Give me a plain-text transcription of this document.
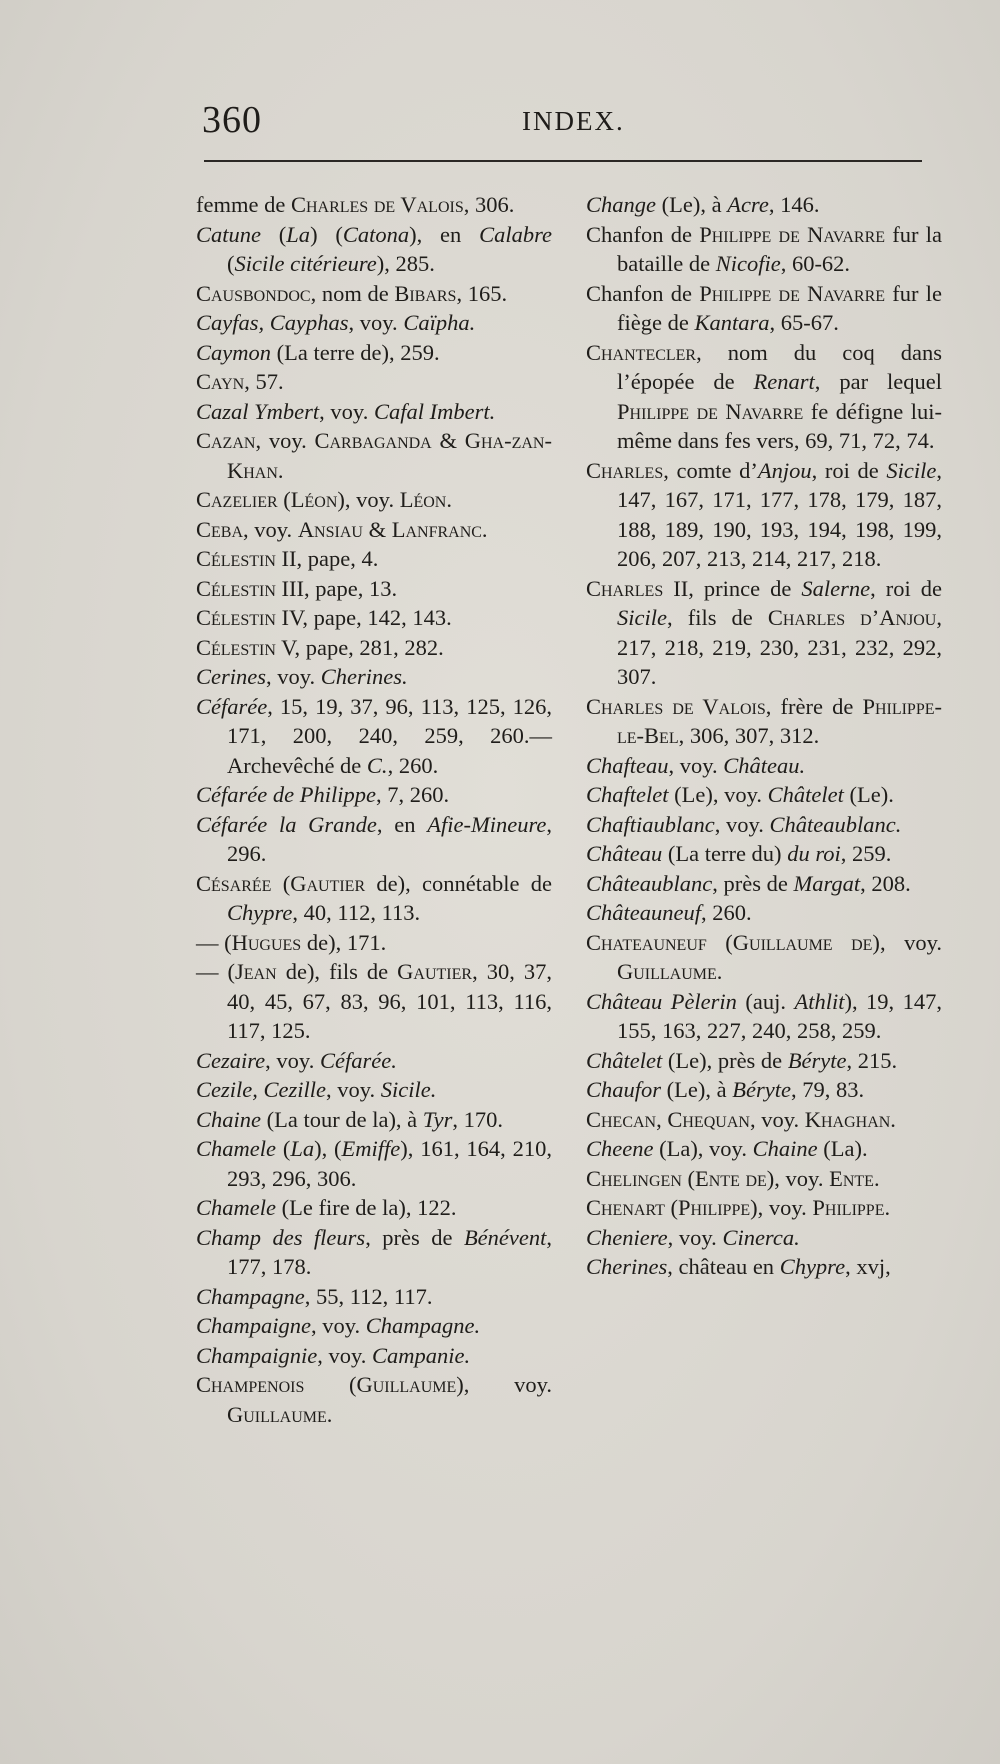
360	INDEX.

femme de Charles de Valois, 306.

Catune (La) (Catona), en Calabre (Sicile citérieure), 285.

Causbondoc, nom de Bibars, 165.

Cayfas, Cayphas, voy. Caïpha.

Caymon (La terre de), 259.

Cayn, 57.

Cazal Ymbert, voy. Cafal Imbert.

Cazan, voy. Carbaganda & Gha-zan-Khan.

Cazelier (Léon), voy. Léon.

Ceba, voy. Ansiau & Lanfranc.

Célestin II, pape, 4.

Célestin III, pape, 13.

Célestin IV, pape, 142, 143.

Célestin V, pape, 281, 282.

Cerines, voy. Cherines.

Céfarée, 15, 19, 37, 96, 113, 125, 126, 171, 200, 240, 259, 260.— Archevêché de C., 260.

Céfarée de Philippe, 7, 260.

Céfarée la Grande, en Afie-Mineure, 296.

Césarée (Gautier de), connétable de Chypre, 40, 112, 113.

— (Hugues de), 171.

— (Jean de), fils de Gautier, 30, 37, 40, 45, 67, 83, 96, 101, 113, 116, 117, 125.

Cezaire, voy. Céfarée.

Cezile, Cezille, voy. Sicile.

Chaine (La tour de la), à Tyr, 170.

Chamele (La), (Emiffe), 161, 164, 210, 293, 296, 306.

Chamele (Le fire de la), 122.

Champ des fleurs, près de Bénévent, 177, 178.

Champagne, 55, 112, 117.

Champaigne, voy. Champagne.

Champaignie, voy. Campanie.

Champenois (Guillaume), voy. Guillaume.

Change (Le), à Acre, 146.

Chanfon de Philippe de Navarre fur la bataille de Nicofie, 60-62.

Chanfon de Philippe de Navarre fur le fiège de Kantara, 65-67.

Chantecler, nom du coq dans l’épopée de Renart, par lequel Philippe de Navarre fe défigne lui-même dans fes vers, 69, 71, 72, 74.

Charles, comte d’Anjou, roi de Sicile, 147, 167, 171, 177, 178, 179, 187, 188, 189, 190, 193, 194, 198, 199, 206, 207, 213, 214, 217, 218.

Charles II, prince de Salerne, roi de Sicile, fils de Charles d’Anjou, 217, 218, 219, 230, 231, 232, 292, 307.

Charles de Valois, frère de Philippe-le-Bel, 306, 307, 312.

Chafteau, voy. Château.

Chaftelet (Le), voy. Châtelet (Le).

Chaftiaublanc, voy. Châteaublanc.

Château (La terre du) du roi, 259.

Châteaublanc, près de Margat, 208.

Châteauneuf, 260.

Chateauneuf (Guillaume de), voy. Guillaume.

Château Pèlerin (auj. Athlit), 19, 147, 155, 163, 227, 240, 258, 259.

Châtelet (Le), près de Béryte, 215.

Chaufor (Le), à Béryte, 79, 83.

Checan, Chequan, voy. Khaghan.

Cheene (La), voy. Chaine (La).

Chelingen (Ente de), voy. Ente.

Chenart (Philippe), voy. Philippe.

Cheniere, voy. Cinerca.

Cherines, château en Chypre, xvj,
